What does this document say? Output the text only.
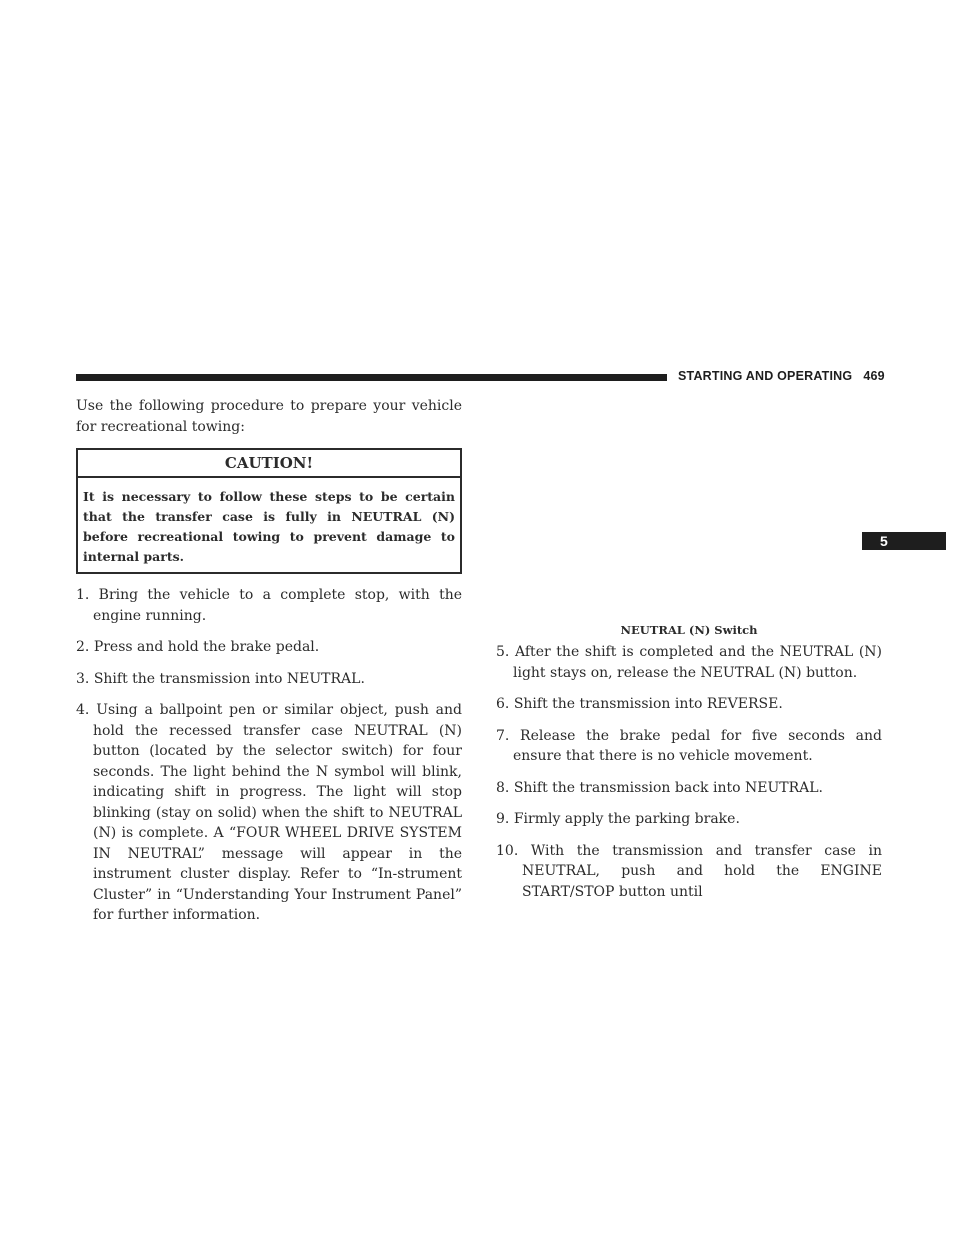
STARTING AND OPERATING 469
5

Use the following procedure to prepare your vehicle for recreational towing:

CAUTION!
It is necessary to follow these steps to be certain that the transfer case is fully in NEUTRAL (N) before recreational towing to prevent damage to internal parts.

1. Bring the vehicle to a complete stop, with the engine running.

2. Press and hold the brake pedal.

3. Shift the transmission into NEUTRAL.

4. Using a ballpoint pen or similar object, push and hold the recessed transfer case NEUTRAL (N) button (located by the selector switch) for four seconds. The light behind the N symbol will blink, indicating shift in progress. The light will stop blinking (stay on solid) when the shift to NEUTRAL (N) is complete. A “FOUR WHEEL DRIVE SYSTEM IN NEUTRAL” message will appear in the instrument cluster display. Refer to “In-strument Cluster” in “Understanding Your Instrument Panel” for further information.

NEUTRAL (N) Switch

5. After the shift is completed and the NEUTRAL (N) light stays on, release the NEUTRAL (N) button.

6. Shift the transmission into REVERSE.

7. Release the brake pedal for five seconds and ensure that there is no vehicle movement.

8. Shift the transmission back into NEUTRAL.

9. Firmly apply the parking brake.

10. With the transmission and transfer case in NEUTRAL, push and hold the ENGINE START/STOP button until
